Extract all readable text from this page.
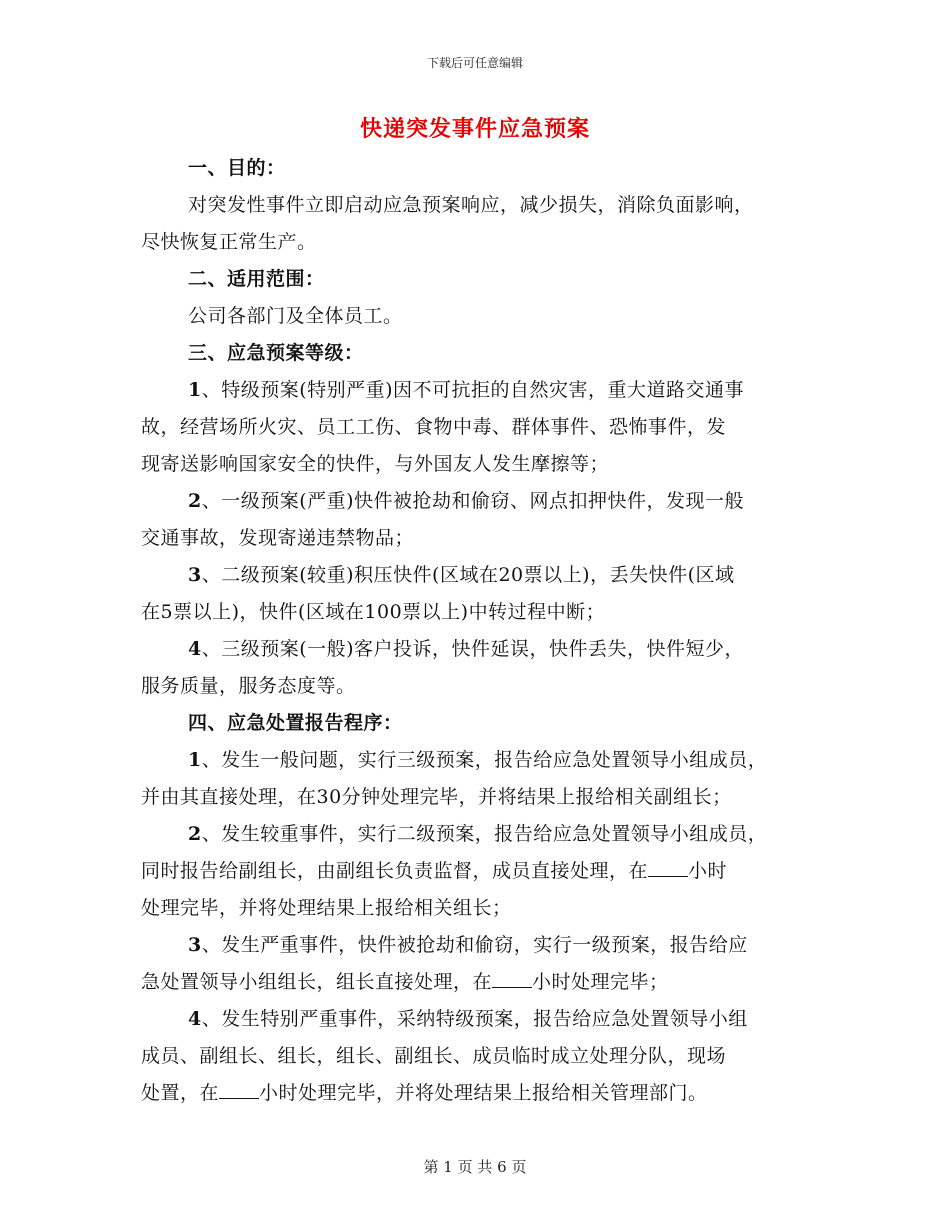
下载后可任意编辑
快递突发事件应急预案
一、目的：
对突发性事件立即启动应急预案响应，减少损失，消除负面影响，
尽快恢复正常生产。
二、适用范围：
公司各部门及全体员工。
三、应急预案等级：
1、特级预案(特别严重)因不可抗拒的自然灾害，重大道路交通事
故，经营场所火灾、员工工伤、食物中毒、群体事件、恐怖事件，发
现寄送影响国家安全的快件，与外国友人发生摩擦等；
2、一级预案(严重)快件被抢劫和偷窃、网点扣押快件，发现一般
交通事故，发现寄递违禁物品；
3、二级预案(较重)积压快件(区域在20票以上)，丢失快件(区域
在5票以上)，快件(区域在100票以上)中转过程中断；
4、三级预案(一般)客户投诉，快件延误，快件丢失，快件短少，
服务质量，服务态度等。
四、应急处置报告程序：
1、发生一般问题，实行三级预案，报告给应急处置领导小组成员，
并由其直接处理，在30分钟处理完毕，并将结果上报给相关副组长；
2、发生较重事件，实行二级预案，报告给应急处置领导小组成员，
同时报告给副组长，由副组长负责监督，成员直接处理，在 小时
处理完毕，并将处理结果上报给相关组长；
3、发生严重事件，快件被抢劫和偷窃，实行一级预案，报告给应
急处置领导小组组长，组长直接处理，在 小时处理完毕；
4、发生特别严重事件，采纳特级预案，报告给应急处置领导小组
成员、副组长、组长，组长、副组长、成员临时成立处理分队，现场
处置，在 小时处理完毕，并将处理结果上报给相关管理部门。
第 1 页 共 6 页
